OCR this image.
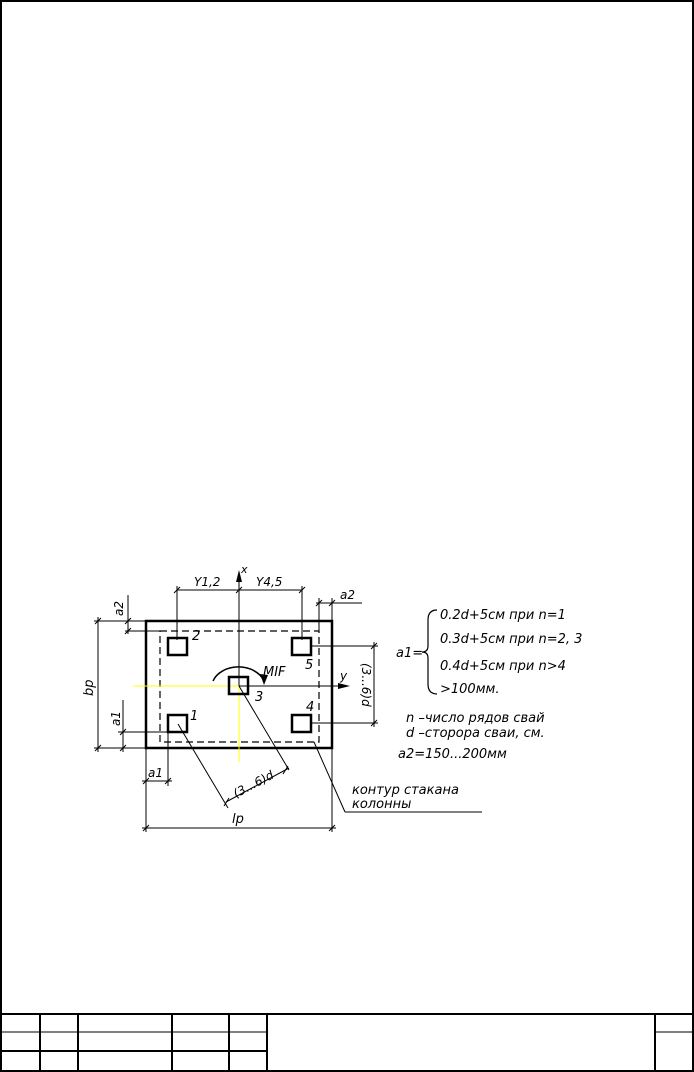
x
y
2
5
3
1
4
MIF
Y1,2	Y4,5
a2
a2
bp
a1
a1
lp
(3...6)d
(3...6)d	контур стакана
колонны
a1=
0.2d+5см при n=1
0.3d+5см при n=2, 3
0.4d+5см при n>4
>100мм.
n –число рядов свай
d –сторора сваи, см.
a2=150...200мм
